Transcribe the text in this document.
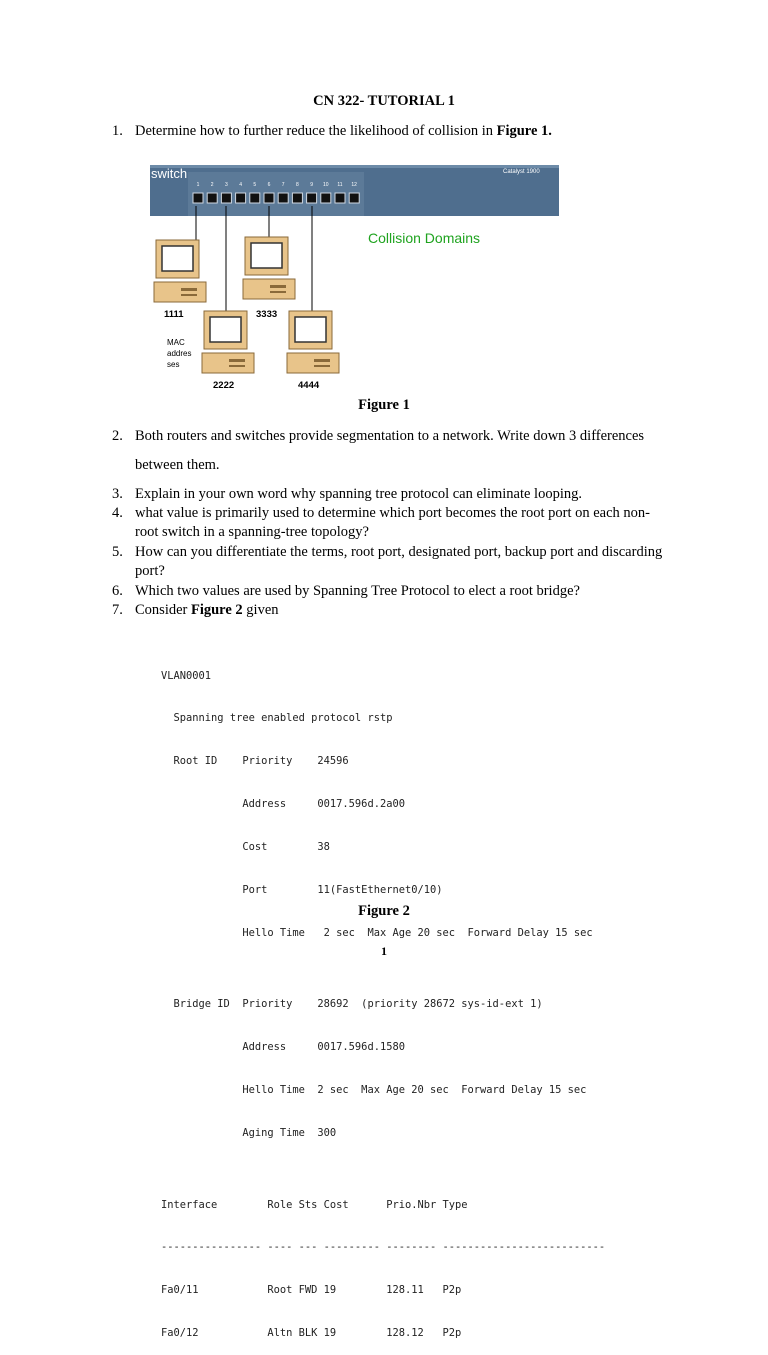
CN 322- TUTORIAL 1
1. Determine how to further reduce the likelihood of collision in Figure 1.
switch	Catalyst 1900
1 2 3 4 5 6 7 8 9 10 11 12
Collision Domains
1111	3333
2222	4444
MAC
addres
ses
Figure 1
2. Both routers and switches provide segmentation to a network. Write down 3 differences
between them.
3. Explain in your own word why spanning tree protocol can eliminate looping.
4. what value is primarily used to determine which port becomes the root port on each non-
root switch in a spanning-tree topology?
5. How can you differentiate the terms, root port, designated port, backup port and discarding
port?
6. Which two values are used by Spanning Tree Protocol to elect a root bridge?
7. Consider Figure 2 given

VLAN0001

Spanning tree enabled protocol rstp

Root ID    Priority    24596

Address     0017.596d.2a00

Cost        38

Port        11(FastEthernet0/10)

Hello Time   2 sec  Max Age 20 sec  Forward Delay 15 sec

Bridge ID  Priority    28692  (priority 28672 sys-id-ext 1)

Address     0017.596d.1580

Hello Time  2 sec  Max Age 20 sec  Forward Delay 15 sec

Aging Time  300

Interface        Role Sts Cost      Prio.Nbr Type

---------------- ---- --- --------- -------- --------------------------

Fa0/11           Root FWD 19        128.11   P2p

Fa0/12           Altn BLK 19        128.12   P2p

Figure 2
1
